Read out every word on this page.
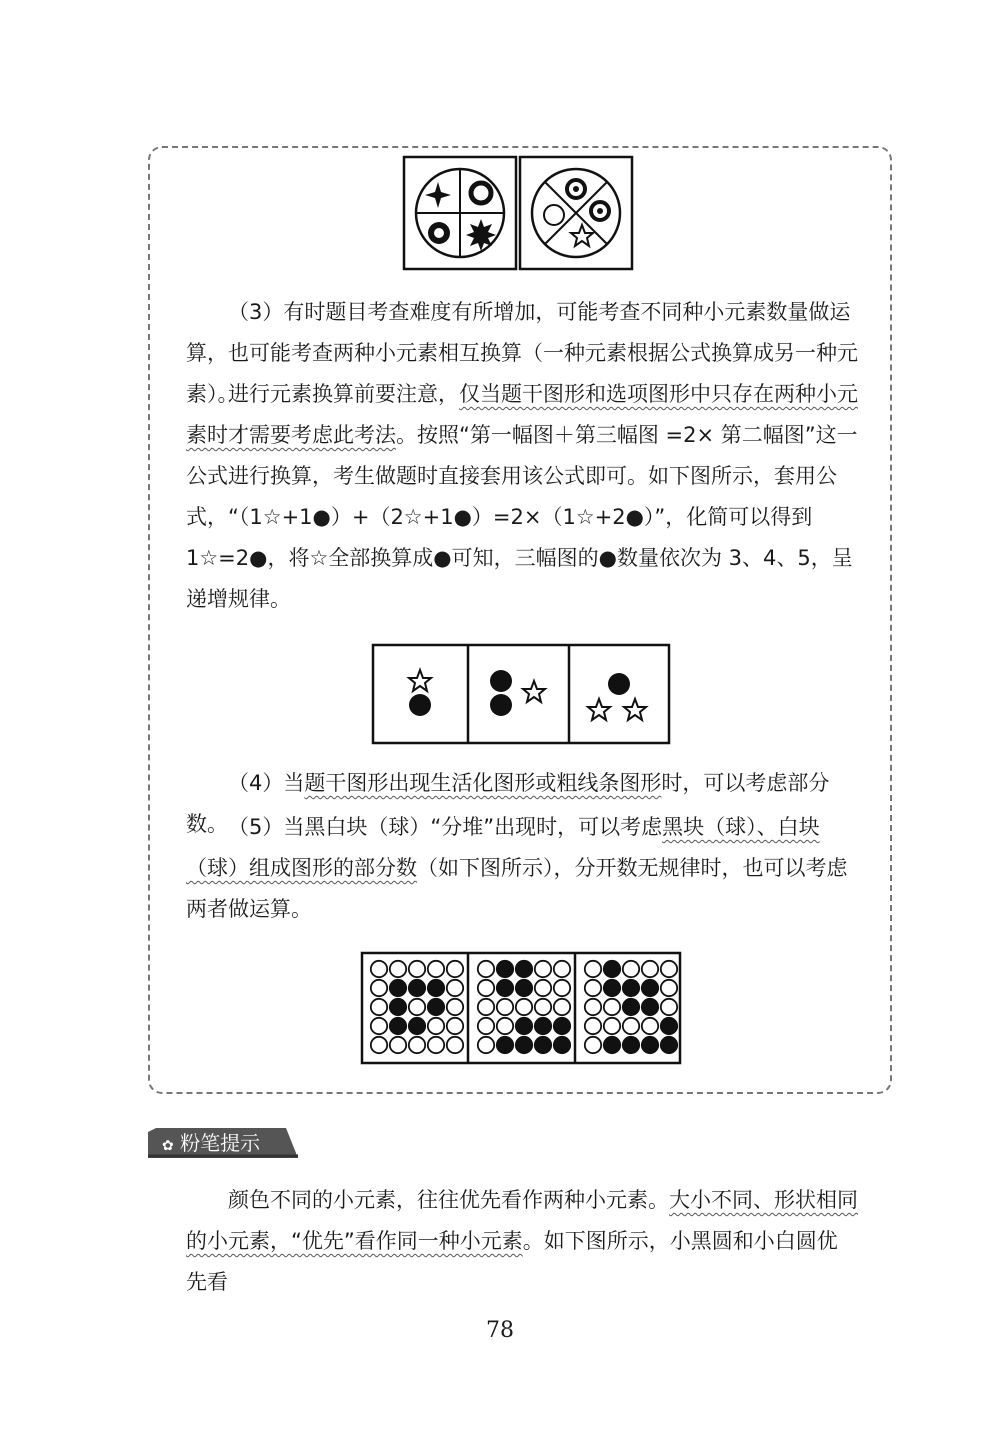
（3）有时题目考查难度有所增加，可能考查不同种小元素数量做运算，也可能考查两种小元素相互换算（一种元素根据公式换算成另一种元素）。

进行元素换算前要注意，仅当题干图形和选项图形中只存在两种小元素时才需要考虑此考法。按照“第一幅图＋第三幅图 =2× 第二幅图”这一公式进行换算，考生做题时直接套用该公式即可。如下图所示，套用公式，“（1☆+1●）+（2☆+1●）=2×（1☆+2●）”，化简可以得到1☆=2●，将☆全部换算成●可知，三幅图的●数量依次为 3、4、5，呈递增规律。

（4）当题干图形出现生活化图形或粗线条图形时，可以考虑部分数。 （5）当黑白块（球）“分堆”出现时，可以考虑黑块（球）、白块（球）组成图形的部分数（如下图所示），分开数无规律时，也可以考虑两者做运算。

✿ 粉笔提示

颜色不同的小元素，往往优先看作两种小元素。大小不同、形状相同的小元素，“优先”看作同一种小元素。如下图所示，小黑圆和小白圆优先看

78
